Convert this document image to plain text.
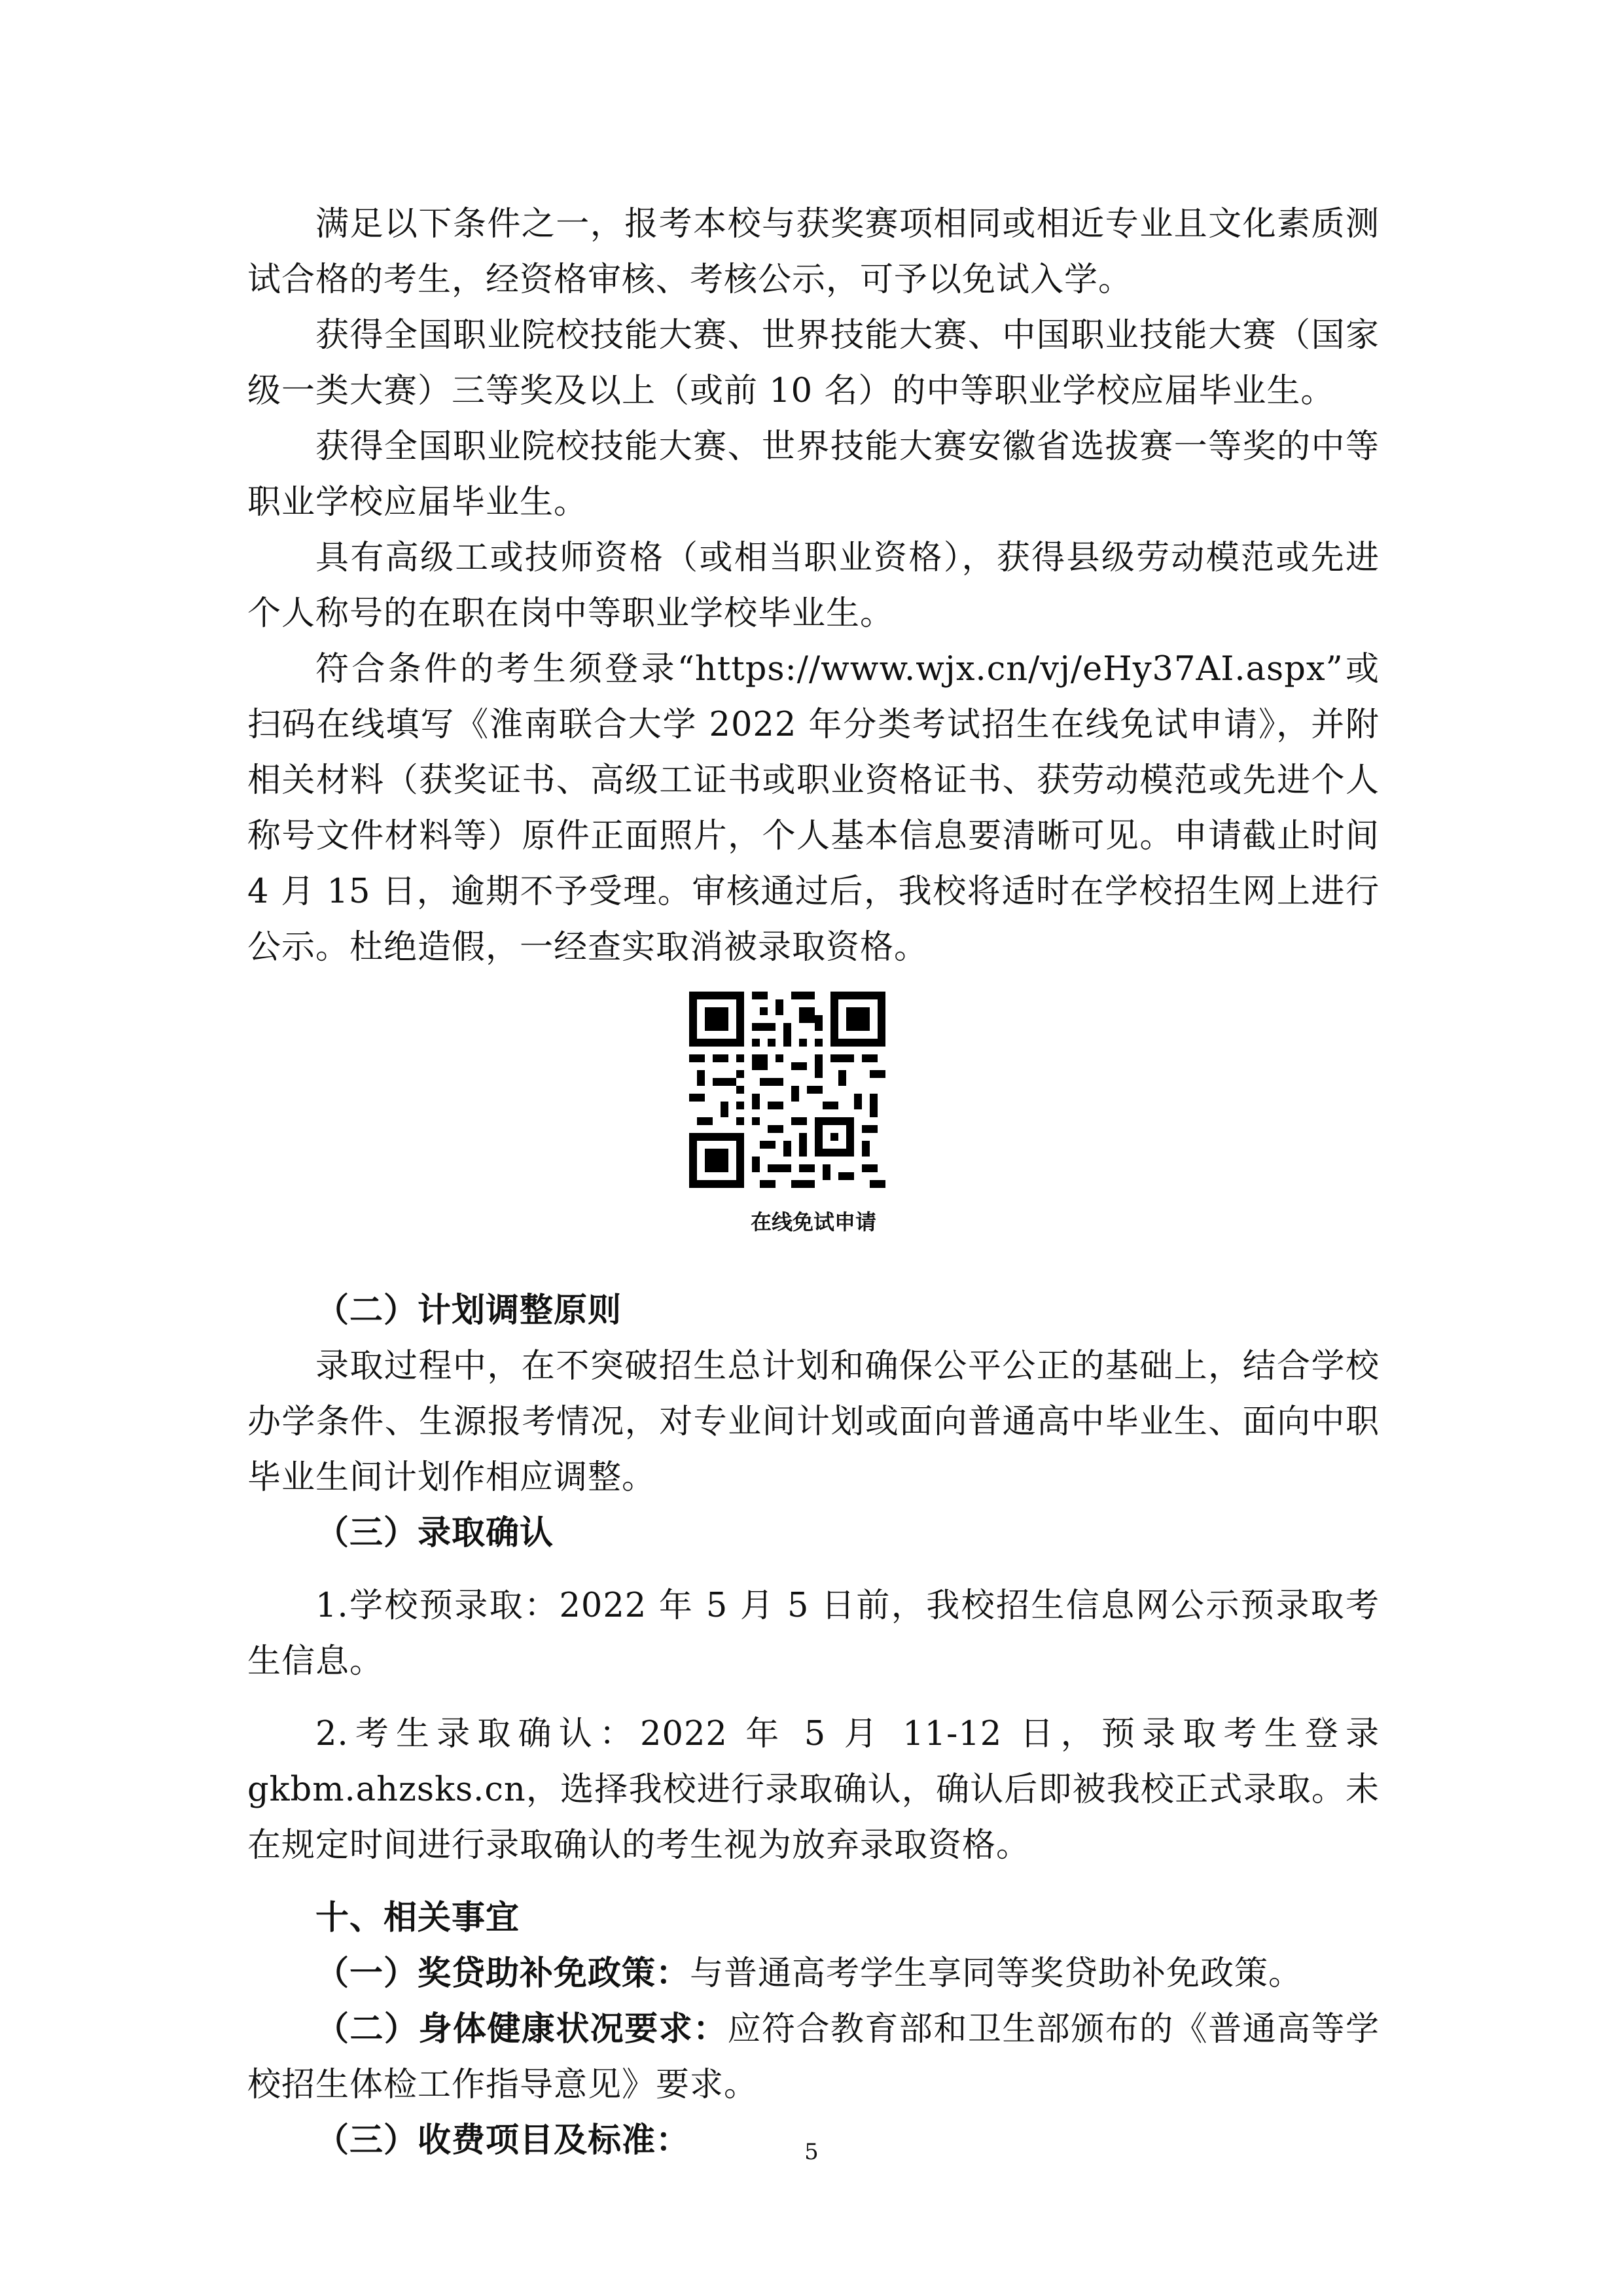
满足以下条件之一，报考本校与获奖赛项相同或相近专业且文化素质测试合格的考生，经资格审核、考核公示，可予以免试入学。

获得全国职业院校技能大赛、世界技能大赛、中国职业技能大赛（国家级一类大赛）三等奖及以上（或前 10 名）的中等职业学校应届毕业生。

获得全国职业院校技能大赛、世界技能大赛安徽省选拔赛一等奖的中等职业学校应届毕业生。

具有高级工或技师资格（或相当职业资格），获得县级劳动模范或先进个人称号的在职在岗中等职业学校毕业生。

符合条件的考生须登录“https://www.wjx.cn/vj/eHy37AI.aspx”或扫码在线填写《淮南联合大学 2022 年分类考试招生在线免试申请》，并附相关材料（获奖证书、高级工证书或职业资格证书、获劳动模范或先进个人称号文件材料等）原件正面照片，个人基本信息要清晰可见。申请截止时间 4 月 15 日，逾期不予受理。审核通过后，我校将适时在学校招生网上进行公示。杜绝造假，一经查实取消被录取资格。

在线免试申请

（二）计划调整原则

录取过程中，在不突破招生总计划和确保公平公正的基础上，结合学校办学条件、生源报考情况，对专业间计划或面向普通高中毕业生、面向中职毕业生间计划作相应调整。

（三）录取确认

1.学校预录取：2022 年 5 月 5 日前，我校招生信息网公示预录取考生信息。

2.考生录取确认：2022 年 5 月 11-12 日，预录取考生登录 gkbm.ahzsks.cn，选择我校进行录取确认，确认后即被我校正式录取。未在规定时间进行录取确认的考生视为放弃录取资格。

十、相关事宜

（一）奖贷助补免政策：与普通高考学生享同等奖贷助补免政策。

（二）身体健康状况要求：应符合教育部和卫生部颁布的《普通高等学校招生体检工作指导意见》要求。

（三）收费项目及标准：	5
